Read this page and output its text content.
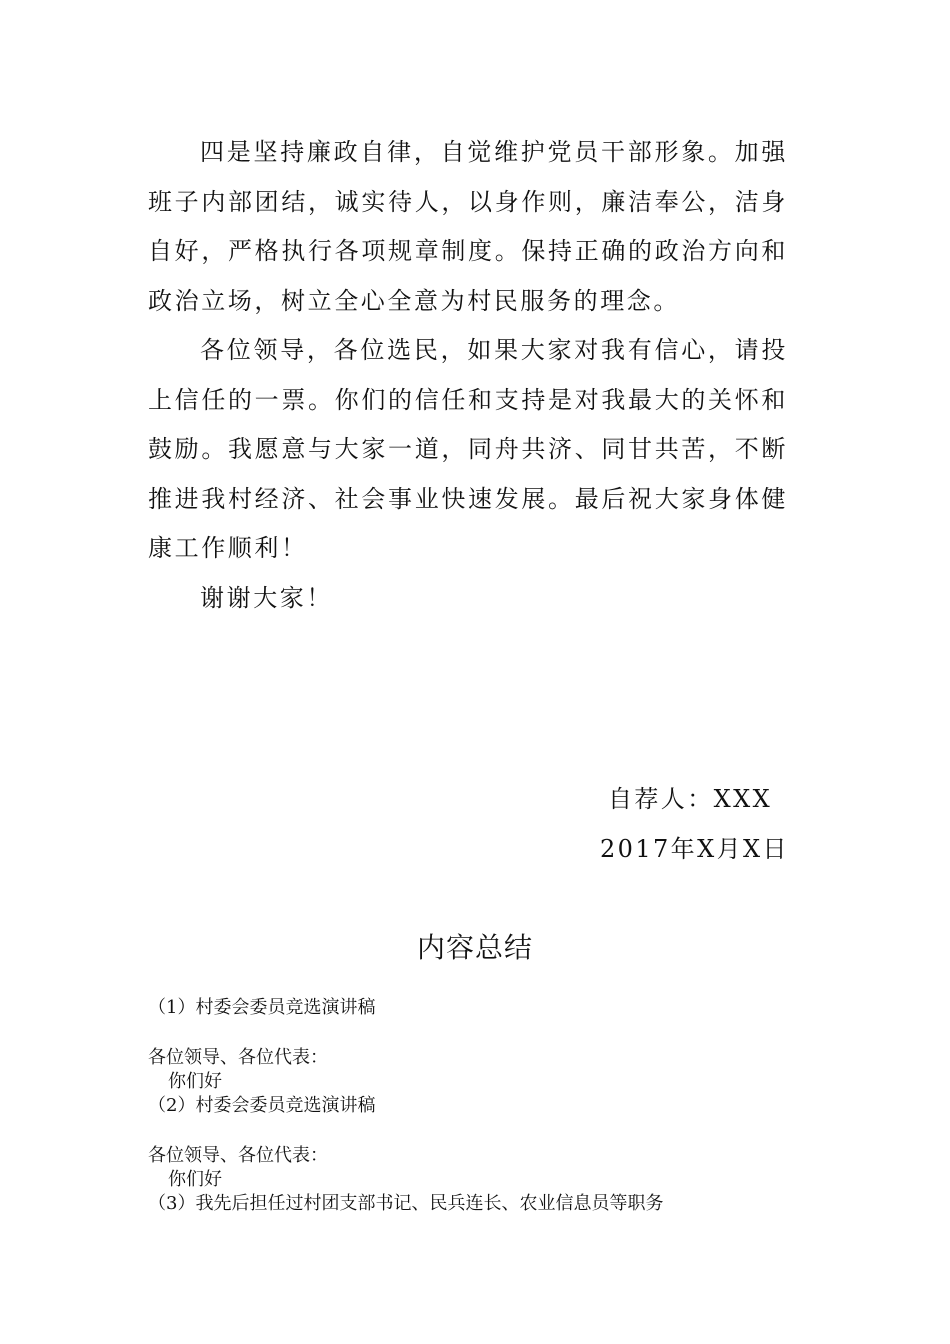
四是坚持廉政自律，自觉维护党员干部形象。加强班子内部团结，诚实待人，以身作则，廉洁奉公，洁身自好，严格执行各项规章制度。保持正确的政治方向和政治立场，树立全心全意为村民服务的理念。

各位领导，各位选民，如果大家对我有信心，请投上信任的一票。你们的信任和支持是对我最大的关怀和鼓励。我愿意与大家一道，同舟共济、同甘共苦，不断推进我村经济、社会事业快速发展。最后祝大家身体健康工作顺利！

谢谢大家！

自荐人：XXX
2017年X月X日
内容总结

（1）村委会委员竞选演讲稿

各位领导、各位代表：

你们好

（2）村委会委员竞选演讲稿

各位领导、各位代表：

你们好

（3）我先后担任过村团支部书记、民兵连长、农业信息员等职务
